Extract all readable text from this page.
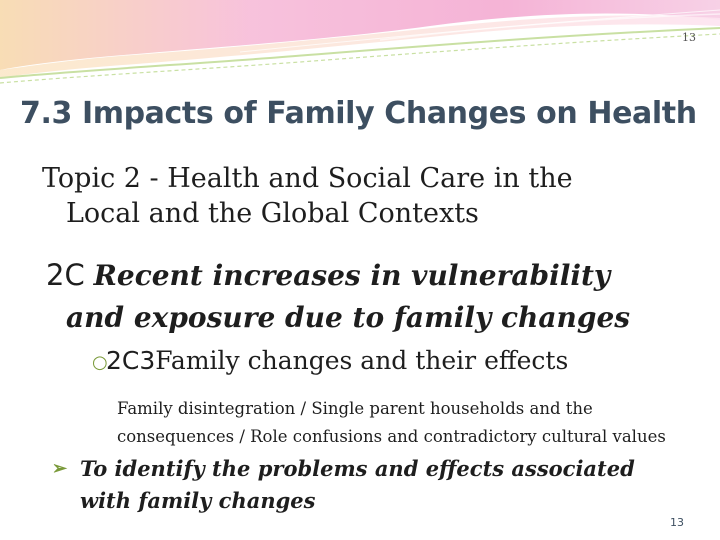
13
7.3 Impacts of Family Changes on Health
Topic 2 - Health and Social Care in the
Local and the Global Contexts
2C Recent increases in vulnerability
and exposure due to family changes
○2C3Family changes and their effects
Family disintegration / Single parent households and the consequences / Role confusions and contradictory cultural values
➢ To identify the problems and effects associated with family changes
13
